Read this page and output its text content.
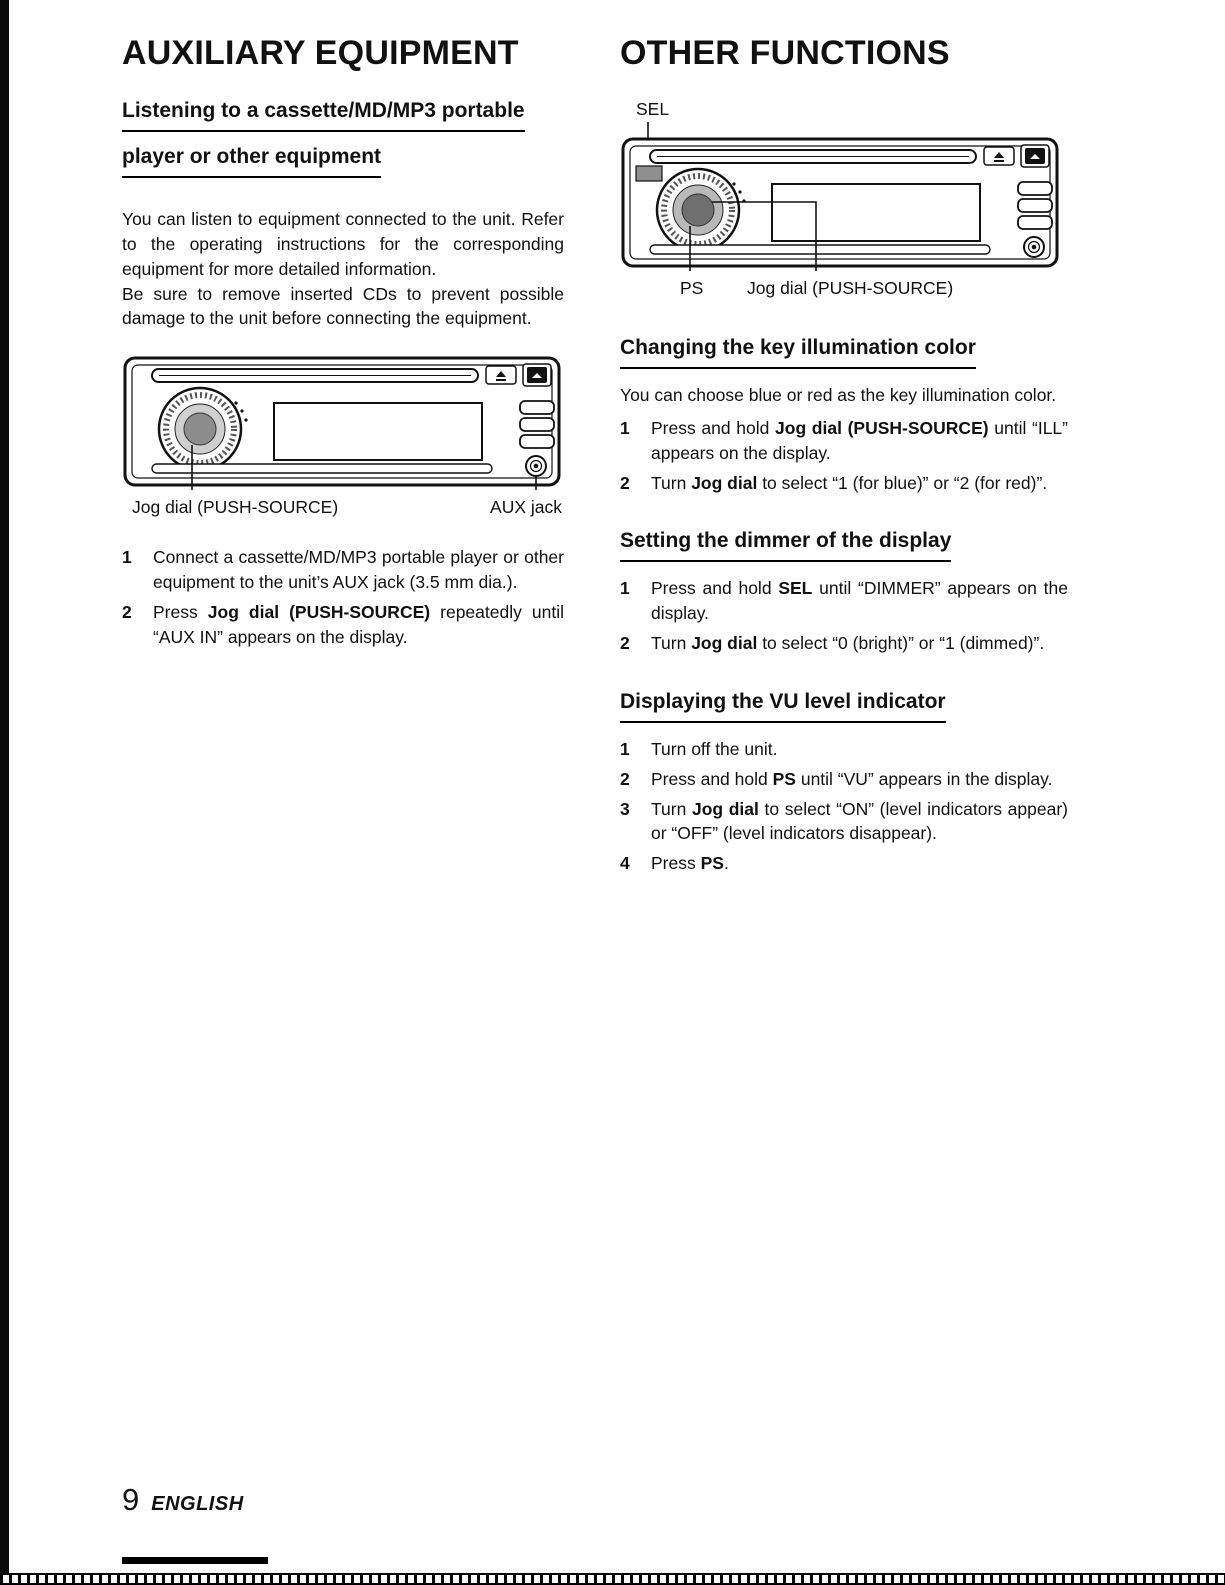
AUXILIARY EQUIPMENT
Listening to a cassette/MD/MP3 portable
player or other equipment

You can listen to equipment connected to the unit. Refer to the operating instructions for the corresponding equipment for more detailed information.

Be sure to remove inserted CDs to prevent possible damage to the unit before connecting the equipment.

Jog dial (PUSH-SOURCE)	AUX jack
1	Connect a cassette/MD/MP3 portable player or other equipment to the unit’s AUX jack (3.5 mm dia.).
2	Press Jog dial (PUSH-SOURCE) repeatedly until “AUX IN” appears on the display.
OTHER FUNCTIONS
SEL
PS Jog dial (PUSH-SOURCE)
Changing the key illumination color

You can choose blue or red as the key illumination color.

1	Press and hold Jog dial (PUSH-SOURCE) until “ILL” appears on the display.
2	Turn Jog dial to select “1 (for blue)” or “2 (for red)”.
Setting the dimmer of the display
1	Press and hold SEL until “DIMMER” appears on the display.
2	Turn Jog dial to select “0 (bright)” or “1 (dimmed)”.
Displaying the VU level indicator
1	Turn off the unit.
2	Press and hold PS until “VU” appears in the display.
3	Turn Jog dial to select “ON” (level indicators appear) or “OFF” (level indicators disappear).
4	Press PS.
9 ENGLISH
